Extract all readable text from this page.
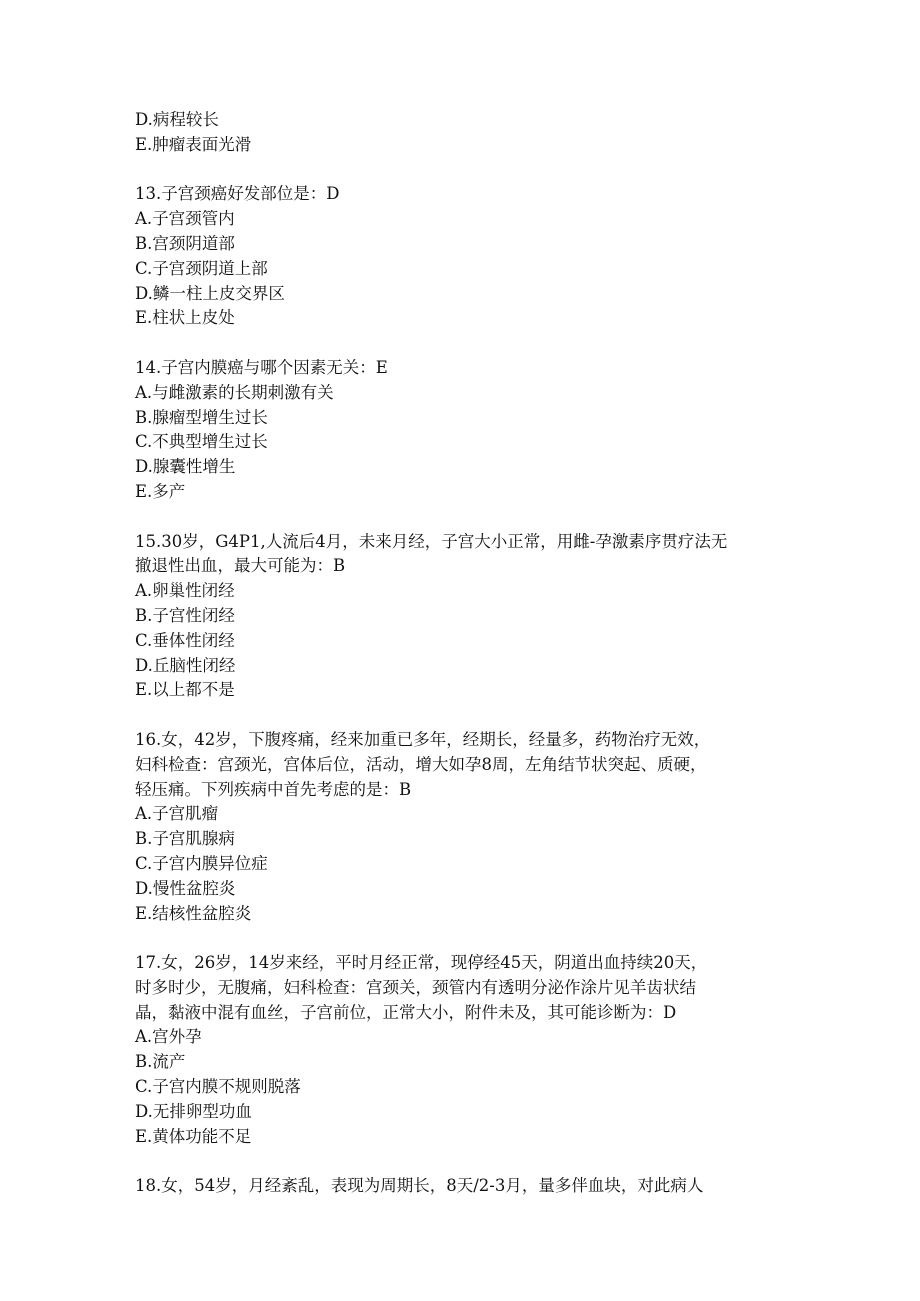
D.病程较长

E.肿瘤表面光滑

13.子宫颈癌好发部位是：D

A.子宫颈管内

B.宫颈阴道部

C.子宫颈阴道上部

D.鳞一柱上皮交界区

E.柱状上皮处

14.子宫内膜癌与哪个因素无关：E

A.与雌激素的长期刺激有关

B.腺瘤型增生过长

C.不典型增生过长

D.腺囊性增生

E.多产

15.30岁，G4P1,人流后4月，未来月经，子宫大小正常，用雌-孕激素序贯疗法无

撤退性出血，最大可能为：B

A.卵巢性闭经

B.子宫性闭经

C.垂体性闭经

D.丘脑性闭经

E.以上都不是

16.女，42岁，下腹疼痛，经来加重已多年，经期长，经量多，药物治疗无效，

妇科检查：宫颈光，宫体后位，活动，增大如孕8周，左角结节状突起、质硬，

轻压痛。下列疾病中首先考虑的是：B

A.子宫肌瘤

B.子宫肌腺病

C.子宫内膜异位症

D.慢性盆腔炎

E.结核性盆腔炎

17.女，26岁，14岁来经，平时月经正常，现停经45天，阴道出血持续20天，

时多时少，无腹痛，妇科检查：宫颈关，颈管内有透明分泌作涂片见羊齿状结

晶，黏液中混有血丝，子宫前位，正常大小，附件未及，其可能诊断为：D

A.宫外孕

B.流产

C.子宫内膜不规则脱落

D.无排卵型功血

E.黄体功能不足

18.女，54岁，月经紊乱，表现为周期长，8天/2-3月，量多伴血块，对此病人
